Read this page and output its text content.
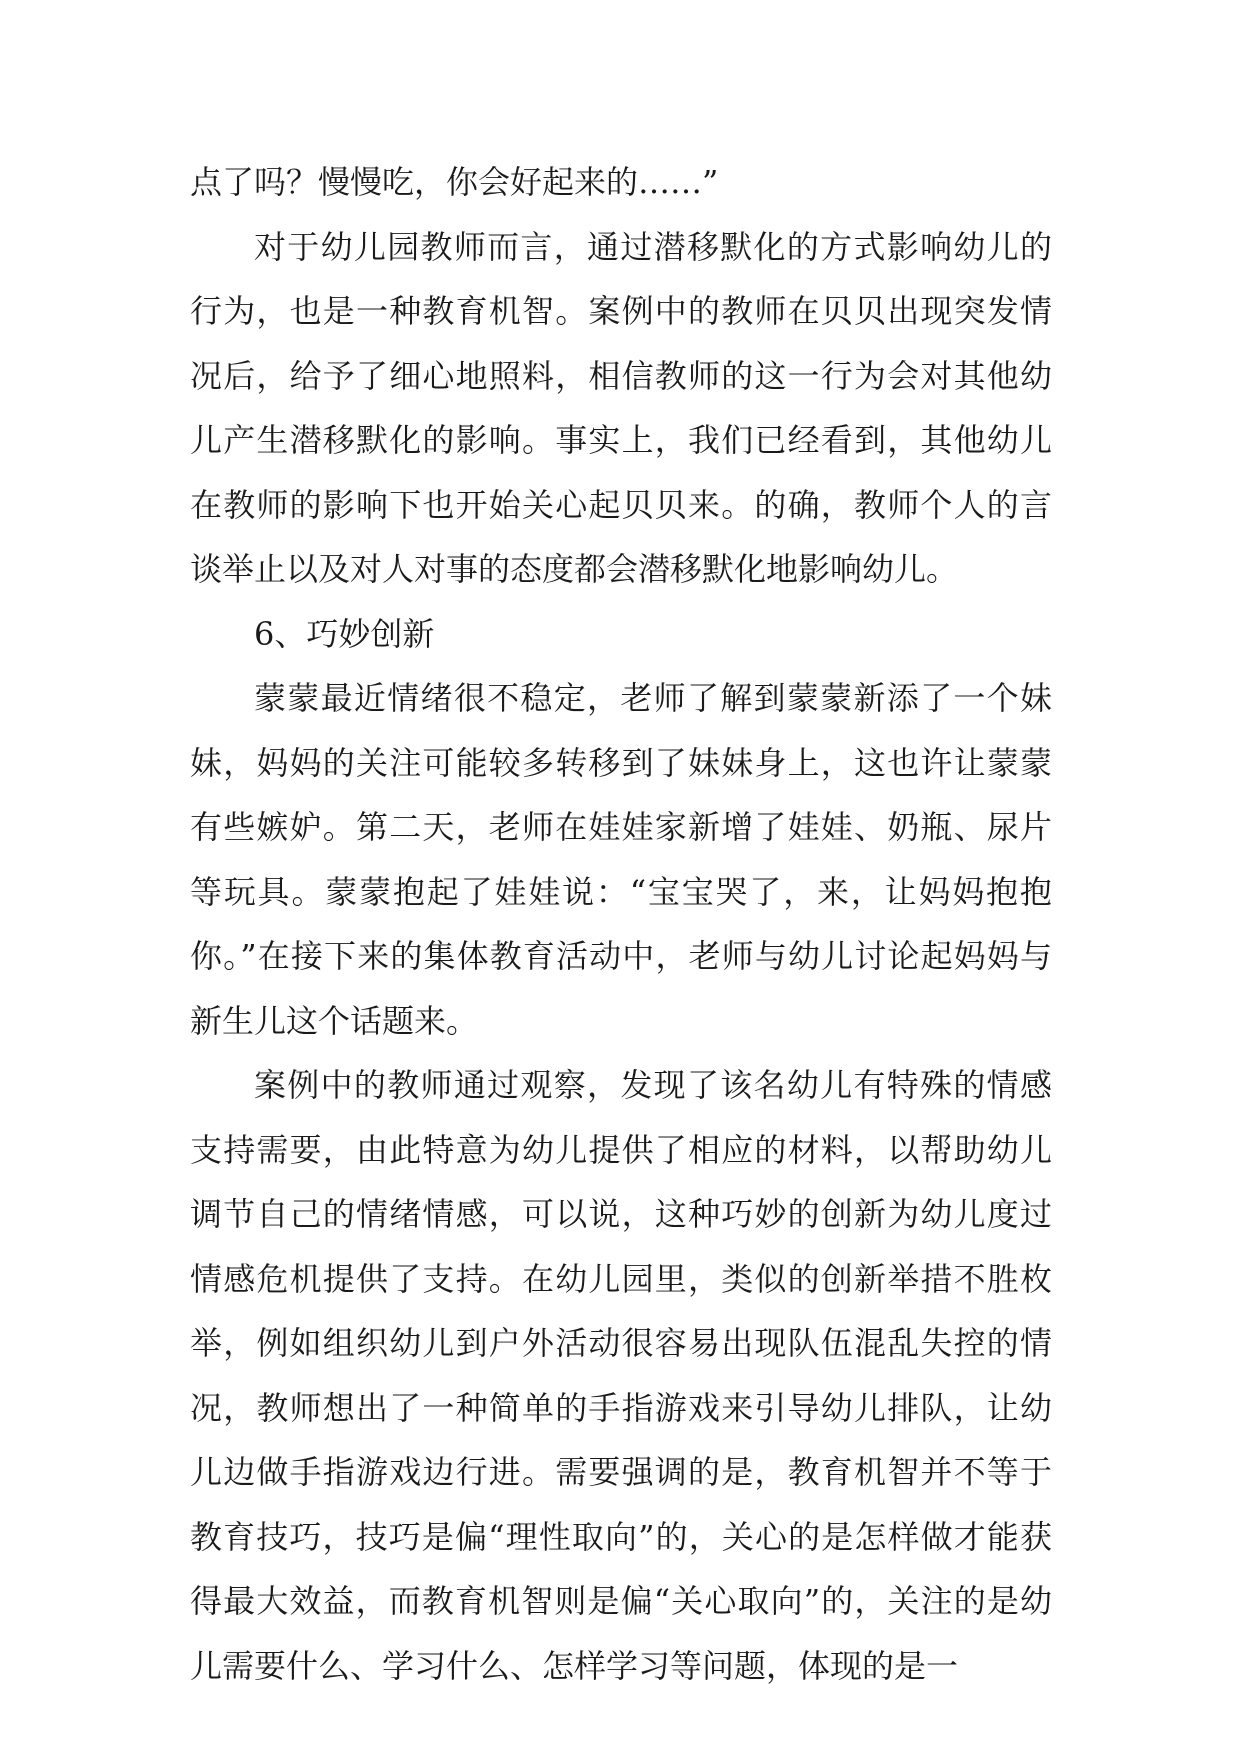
点了吗？慢慢吃，你会好起来的……”

对于幼儿园教师而言，通过潜移默化的方式影响幼儿的行为，也是一种教育机智。案例中的教师在贝贝出现突发情况后，给予了细心地照料，相信教师的这一行为会对其他幼儿产生潜移默化的影响。事实上，我们已经看到，其他幼儿在教师的影响下也开始关心起贝贝来。的确，教师个人的言谈举止以及对人对事的态度都会潜移默化地影响幼儿。

6、巧妙创新

蒙蒙最近情绪很不稳定，老师了解到蒙蒙新添了一个妹妹，妈妈的关注可能较多转移到了妹妹身上，这也许让蒙蒙有些嫉妒。第二天，老师在娃娃家新增了娃娃、奶瓶、尿片等玩具。蒙蒙抱起了娃娃说：“宝宝哭了，来，让妈妈抱抱你。”在接下来的集体教育活动中，老师与幼儿讨论起妈妈与新生儿这个话题来。

案例中的教师通过观察，发现了该名幼儿有特殊的情感支持需要，由此特意为幼儿提供了相应的材料，以帮助幼儿调节自己的情绪情感，可以说，这种巧妙的创新为幼儿度过情感危机提供了支持。在幼儿园里，类似的创新举措不胜枚举，例如组织幼儿到户外活动很容易出现队伍混乱失控的情况，教师想出了一种简单的手指游戏来引导幼儿排队，让幼儿边做手指游戏边行进。需要强调的是，教育机智并不等于教育技巧，技巧是偏“理性取向”的，关心的是怎样做才能获得最大效益，而教育机智则是偏“关心取向”的，关注的是幼儿需要什么、学习什么、怎样学习等问题，体现的是一
